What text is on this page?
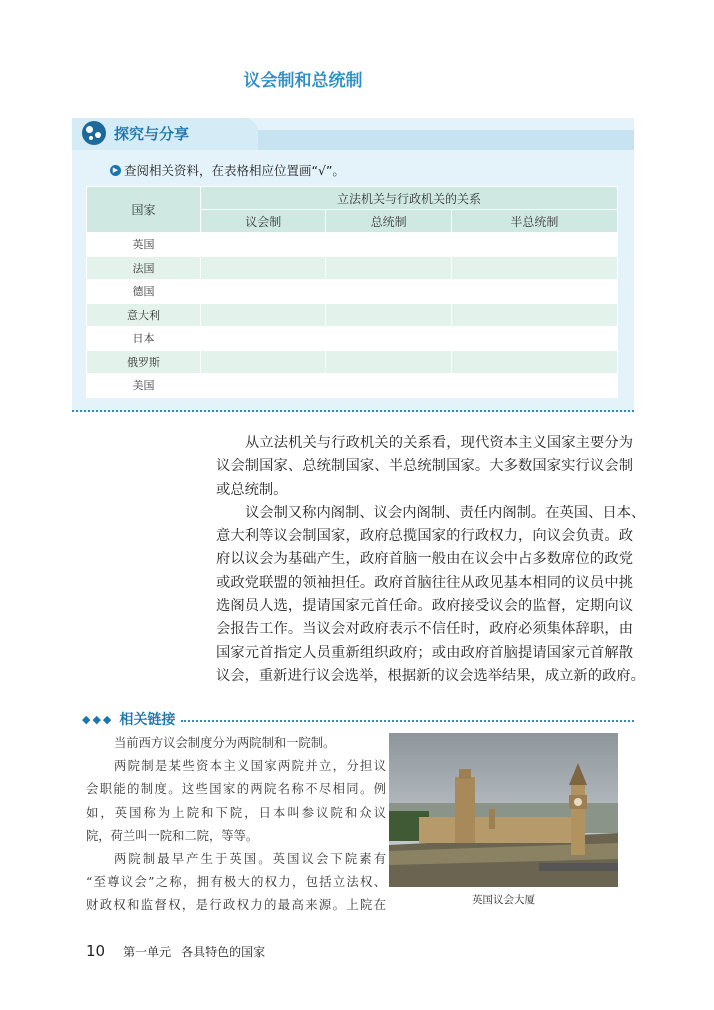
议会制和总统制
探究与分享
▶ 查阅相关资料，在表格相应位置画“√”。
国家	立法机关与行政机关的关系		
	议会制	总统制	半总统制
英国			
法国			
德国			
意大利			
日本			
俄罗斯			
美国			
从立法机关与行政机关的关系看，现代资本主义国家主要分为
议会制国家、总统制国家、半总统制国家。大多数国家实行议会制
或总统制。
议会制又称内阁制、议会内阁制、责任内阁制。在英国、日本、
意大利等议会制国家，政府总揽国家的行政权力，向议会负责。政
府以议会为基础产生，政府首脑一般由在议会中占多数席位的政党
或政党联盟的领袖担任。政府首脑往往从政见基本相同的议员中挑
选阁员人选，提请国家元首任命。政府接受议会的监督，定期向议
会报告工作。当议会对政府表示不信任时，政府必须集体辞职，由
国家元首指定人员重新组织政府；或由政府首脑提请国家元首解散
议会，重新进行议会选举，根据新的议会选举结果，成立新的政府。
◆◆◆ 相关链接
当前西方议会制度分为两院制和一院制。
两院制是某些资本主义国家两院并立，分担议
会职能的制度。这些国家的两院名称不尽相同。例
如，英国称为上院和下院，日本叫参议院和众议
院，荷兰叫一院和二院，等等。
两院制最早产生于英国。英国议会下院素有
“至尊议会”之称，拥有极大的权力，包括立法权、
财政权和监督权，是行政权力的最高来源。上院在	英国议会大厦
10 第一单元 各具特色的国家
